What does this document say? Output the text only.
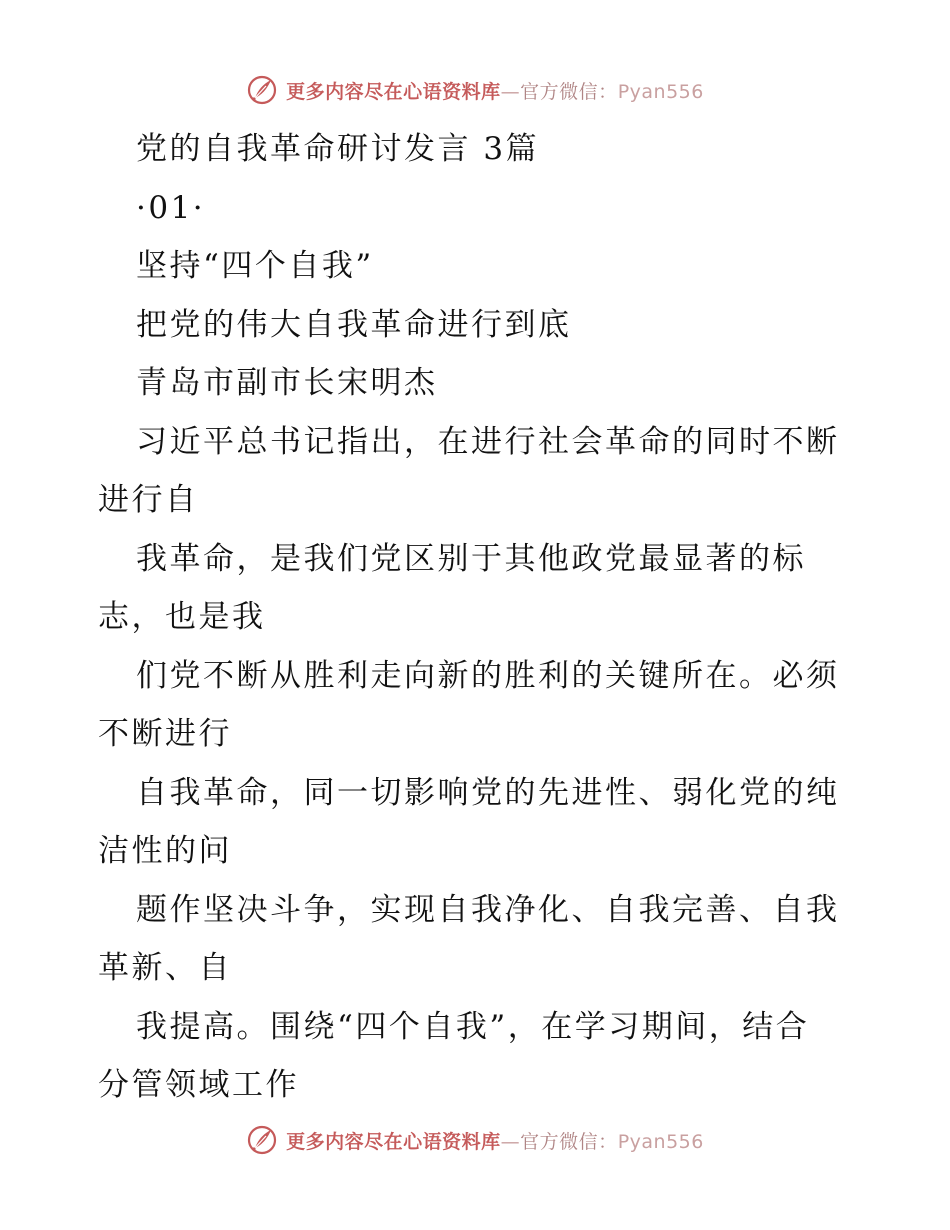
更多内容尽在心语资料库—官方微信：Pyan556
党的自我革命研讨发言 3篇
·01·
坚持“四个自我”
把党的伟大自我革命进行到底
青岛市副市长宋明杰
习近平总书记指出，在进行社会革命的同时不断
进行自
我革命，是我们党区别于其他政党最显著的标
志，也是我
们党不断从胜利走向新的胜利的关键所在。必须
不断进行
自我革命，同一切影响党的先进性、弱化党的纯
洁性的问
题作坚决斗争，实现自我净化、自我完善、自我
革新、自
我提高。围绕“四个自我”，在学习期间，结合
分管领域工作
更多内容尽在心语资料库—官方微信：Pyan556
